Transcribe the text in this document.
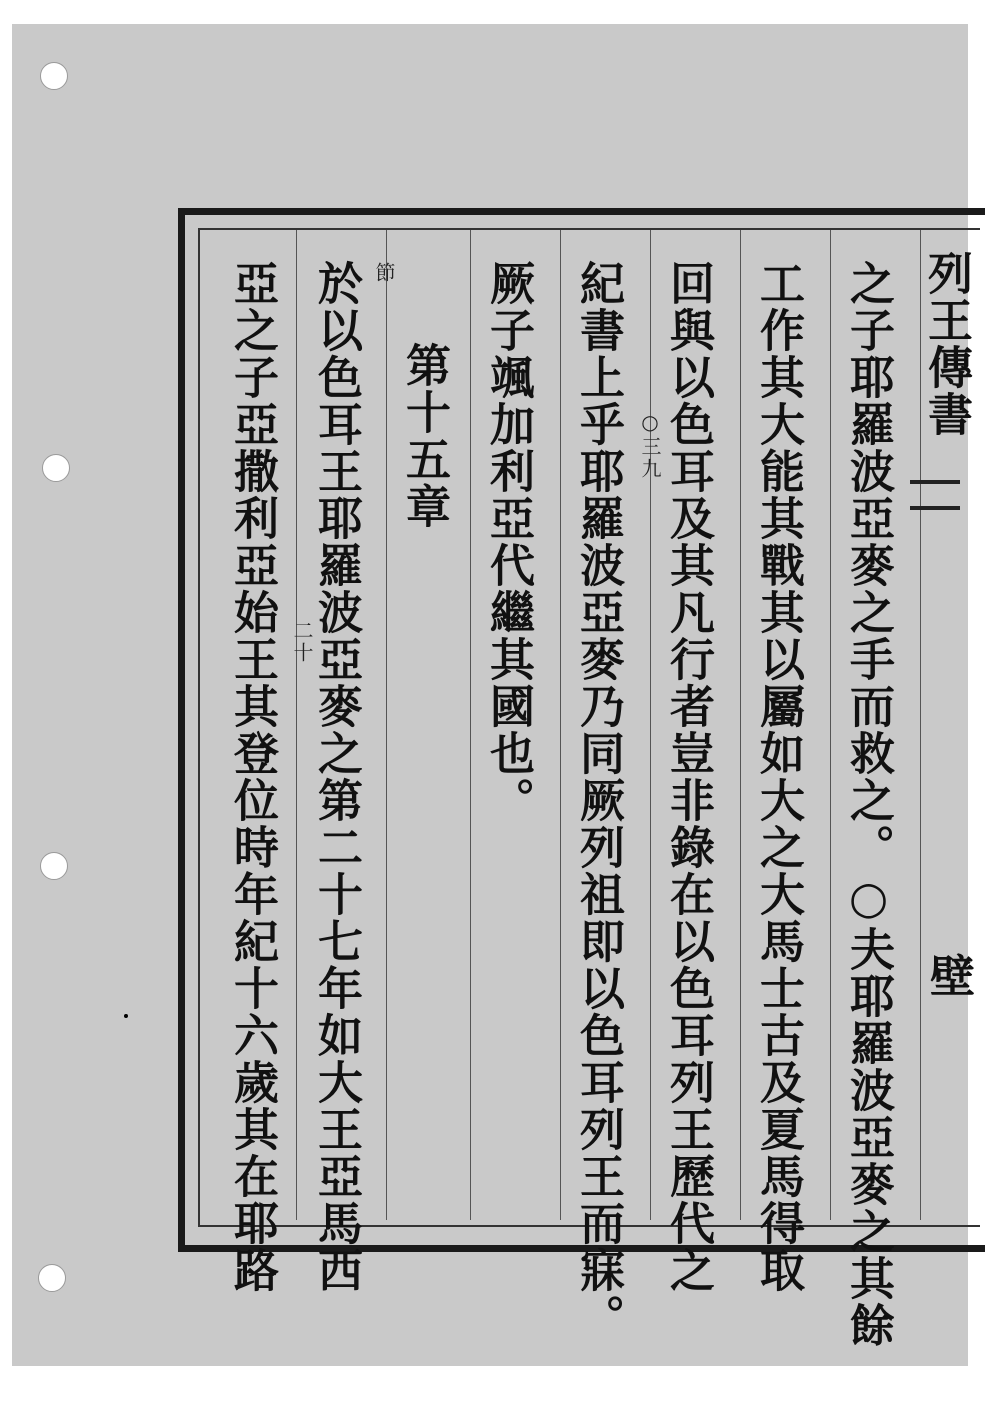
列王傳書
壁
之子耶羅波亞麥之手而救之。○夫耶羅波亞麥之其餘
工作其大能其戰其以屬如大之大馬士古及夏馬得取
回與以色耳及其凡行者豈非錄在以色耳列王歷代之
紀書上乎耶羅波亞麥乃同厥列祖即以色耳列王而寐。
厥子颯加利亞代繼其國也。
第十五章
於以色耳王耶羅波亞麥之第二十七年如大王亞馬西
亞之子亞撒利亞始王其登位時年紀十六歲其在耶路	節
○三九
二十
